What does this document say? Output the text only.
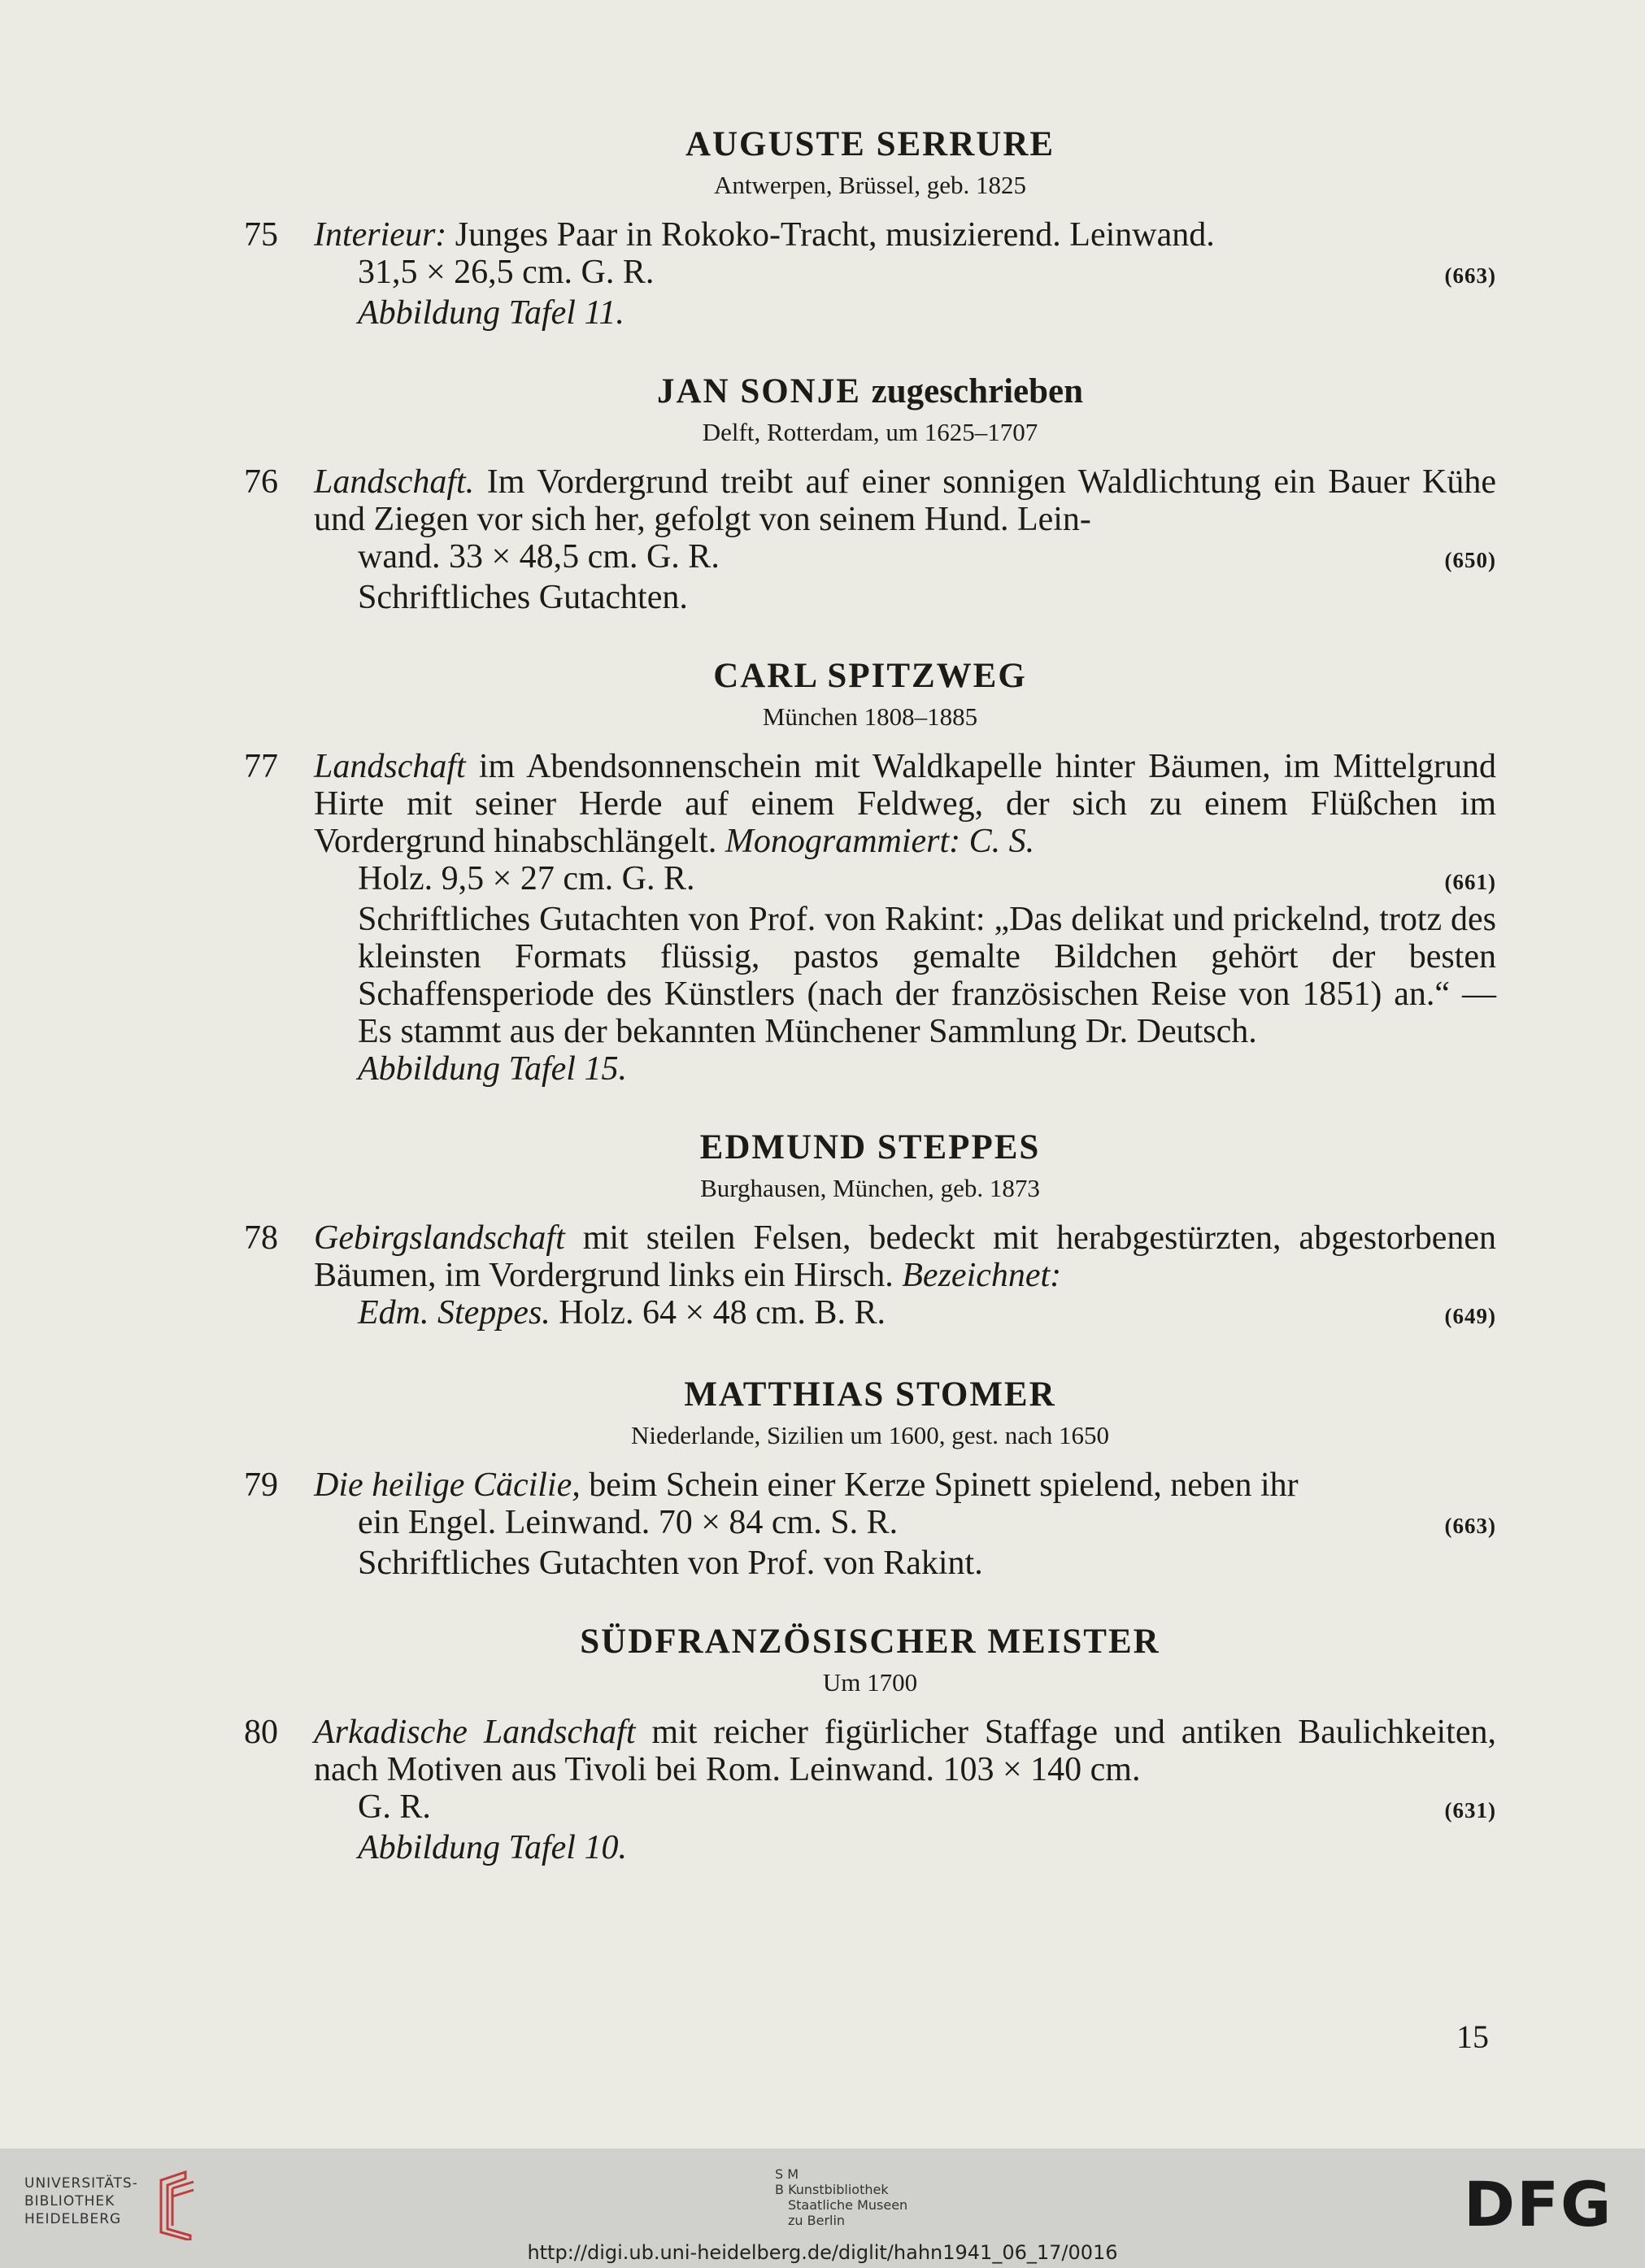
AUGUSTE SERRURE
Antwerpen, Brüssel, geb. 1825
75	Interieur: Junges Paar in Rokoko-Tracht, musizierend. Leinwand.

31,5 × 26,5 cm. G. R.	(663)
Abbildung Tafel 11.
JAN SONJE zugeschrieben
Delft, Rotterdam, um 1625–1707
76	Landschaft. Im Vordergrund treibt auf einer sonnigen Waldlichtung ein Bauer Kühe und Ziegen vor sich her, gefolgt von seinem Hund. Lein-

wand. 33 × 48,5 cm. G. R.	(650)
Schriftliches Gutachten.
CARL SPITZWEG
München 1808–1885
77	Landschaft im Abendsonnenschein mit Waldkapelle hinter Bäumen, im Mittelgrund Hirte mit seiner Herde auf einem Feldweg, der sich zu einem Flüßchen im Vordergrund hinabschlängelt. Monogrammiert: C. S.

Holz. 9,5 × 27 cm. G. R.	(661)

Schriftliches Gutachten von Prof. von Rakint: „Das delikat und prickelnd, trotz des kleinsten Formats flüssig, pastos gemalte Bildchen gehört der besten Schaffensperiode des Künstlers (nach der französischen Reise von 1851) an.“ — Es stammt aus der bekannten Münchener Sammlung Dr. Deutsch.

Abbildung Tafel 15.
EDMUND STEPPES
Burghausen, München, geb. 1873
78	Gebirgslandschaft mit steilen Felsen, bedeckt mit herabgestürzten, abgestorbenen Bäumen, im Vordergrund links ein Hirsch. Bezeichnet:

Edm. Steppes. Holz. 64 × 48 cm. B. R.	(649)
MATTHIAS STOMER
Niederlande, Sizilien um 1600, gest. nach 1650
79	Die heilige Cäcilie, beim Schein einer Kerze Spinett spielend, neben ihr

ein Engel. Leinwand. 70 × 84 cm. S. R.	(663)
Schriftliches Gutachten von Prof. von Rakint.
SÜDFRANZÖSISCHER MEISTER
Um 1700
80	Arkadische Landschaft mit reicher figürlicher Staffage und antiken Baulichkeiten, nach Motiven aus Tivoli bei Rom. Leinwand. 103 × 140 cm.

G. R.	(631)
Abbildung Tafel 10.
15
UNIVERSITÄTS-
BIBLIOTHEK
HEIDELBERG
S M
B Kunstbibliothek
Staatliche Museen
zu Berlin	DFG
http://digi.ub.uni-heidelberg.de/diglit/hahn1941_06_17/0016
